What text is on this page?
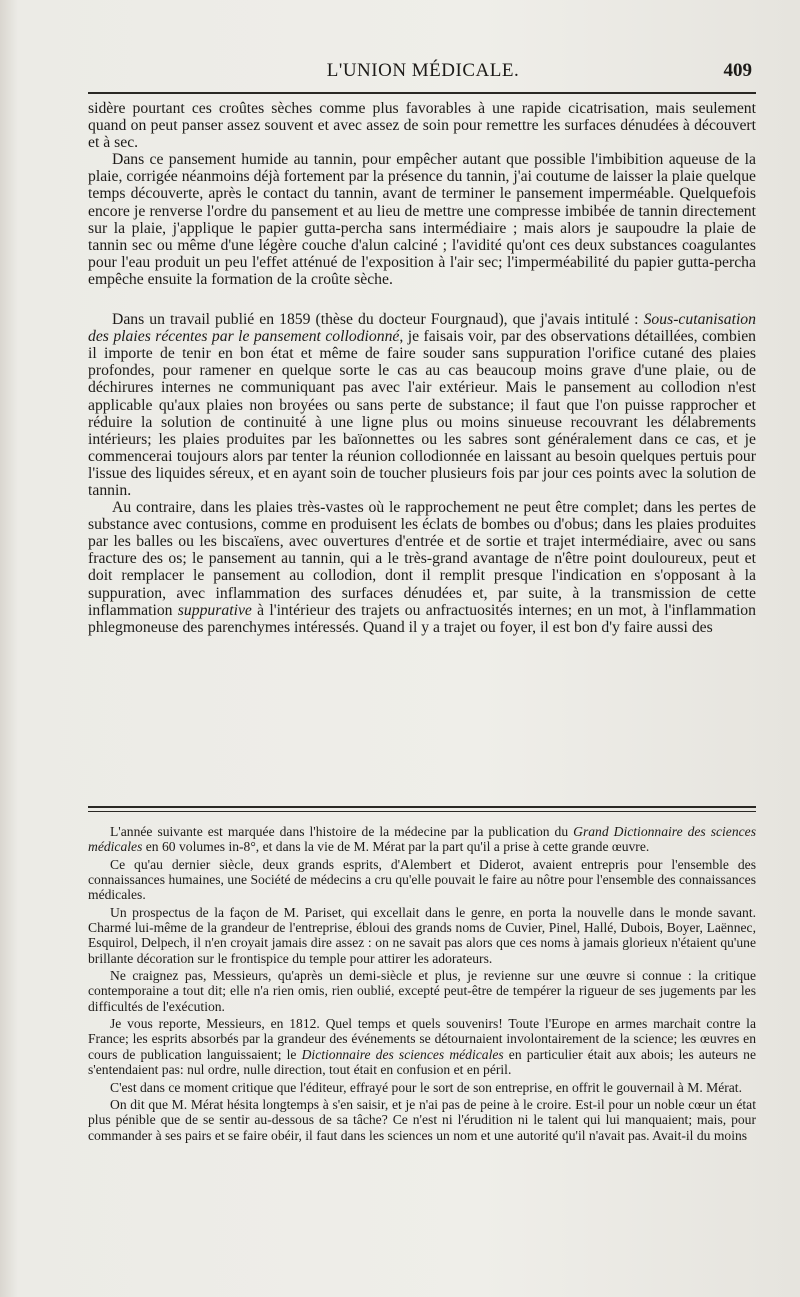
L'UNION MÉDICALE.	409

sidère pourtant ces croûtes sèches comme plus favorables à une rapide cicatrisation, mais seulement quand on peut panser assez souvent et avec assez de soin pour remettre les surfaces dénudées à découvert et à sec.

Dans ce pansement humide au tannin, pour empêcher autant que possible l'imbibition aqueuse de la plaie, corrigée néanmoins déjà fortement par la présence du tannin, j'ai coutume de laisser la plaie quelque temps découverte, après le contact du tannin, avant de terminer le pansement imperméable. Quelquefois encore je renverse l'ordre du pansement et au lieu de mettre une compresse imbibée de tannin directement sur la plaie, j'applique le papier gutta-percha sans intermédiaire ; mais alors je saupoudre la plaie de tannin sec ou même d'une légère couche d'alun calciné ; l'avidité qu'ont ces deux substances coagulantes pour l'eau produit un peu l'effet atténué de l'exposition à l'air sec; l'imperméabilité du papier gutta-percha empêche ensuite la formation de la croûte sèche.

Dans un travail publié en 1859 (thèse du docteur Fourgnaud), que j'avais intitulé : Sous-cutanisation des plaies récentes par le pansement collodionné, je faisais voir, par des observations détaillées, combien il importe de tenir en bon état et même de faire souder sans suppuration l'orifice cutané des plaies profondes, pour ramener en quelque sorte le cas au cas beaucoup moins grave d'une plaie, ou de déchirures internes ne communiquant pas avec l'air extérieur. Mais le pansement au collodion n'est applicable qu'aux plaies non broyées ou sans perte de substance; il faut que l'on puisse rapprocher et réduire la solution de continuité à une ligne plus ou moins sinueuse recouvrant les délabrements intérieurs; les plaies produites par les baïonnettes ou les sabres sont généralement dans ce cas, et je commencerai toujours alors par tenter la réunion collodionnée en laissant au besoin quelques pertuis pour l'issue des liquides séreux, et en ayant soin de toucher plusieurs fois par jour ces points avec la solution de tannin.

Au contraire, dans les plaies très-vastes où le rapprochement ne peut être complet; dans les pertes de substance avec contusions, comme en produisent les éclats de bombes ou d'obus; dans les plaies produites par les balles ou les biscaïens, avec ouvertures d'entrée et de sortie et trajet intermédiaire, avec ou sans fracture des os; le pansement au tannin, qui a le très-grand avantage de n'être point douloureux, peut et doit remplacer le pansement au collodion, dont il remplit presque l'indication en s'opposant à la suppuration, avec inflammation des surfaces dénudées et, par suite, à la transmission de cette inflammation suppurative à l'intérieur des trajets ou anfractuosités internes; en un mot, à l'inflammation phlegmoneuse des parenchymes intéressés. Quand il y a trajet ou foyer, il est bon d'y faire aussi des

L'année suivante est marquée dans l'histoire de la médecine par la publication du Grand Dictionnaire des sciences médicales en 60 volumes in-8°, et dans la vie de M. Mérat par la part qu'il a prise à cette grande œuvre.

Ce qu'au dernier siècle, deux grands esprits, d'Alembert et Diderot, avaient entrepris pour l'ensemble des connaissances humaines, une Société de médecins a cru qu'elle pouvait le faire au nôtre pour l'ensemble des connaissances médicales.

Un prospectus de la façon de M. Pariset, qui excellait dans le genre, en porta la nouvelle dans le monde savant. Charmé lui-même de la grandeur de l'entreprise, ébloui des grands noms de Cuvier, Pinel, Hallé, Dubois, Boyer, Laënnec, Esquirol, Delpech, il n'en croyait jamais dire assez : on ne savait pas alors que ces noms à jamais glorieux n'étaient qu'une brillante décoration sur le frontispice du temple pour attirer les adorateurs.

Ne craignez pas, Messieurs, qu'après un demi-siècle et plus, je revienne sur une œuvre si connue : la critique contemporaine a tout dit; elle n'a rien omis, rien oublié, excepté peut-être de tempérer la rigueur de ses jugements par les difficultés de l'exécution.

Je vous reporte, Messieurs, en 1812. Quel temps et quels souvenirs! Toute l'Europe en armes marchait contre la France; les esprits absorbés par la grandeur des événements se détournaient involontairement de la science; les œuvres en cours de publication languissaient; le Dictionnaire des sciences médicales en particulier était aux abois; les auteurs ne s'entendaient pas: nul ordre, nulle direction, tout était en confusion et en péril.

C'est dans ce moment critique que l'éditeur, effrayé pour le sort de son entreprise, en offrit le gouvernail à M. Mérat.

On dit que M. Mérat hésita longtemps à s'en saisir, et je n'ai pas de peine à le croire. Est-il pour un noble cœur un état plus pénible que de se sentir au-dessous de sa tâche? Ce n'est ni l'érudition ni le talent qui lui manquaient; mais, pour commander à ses pairs et se faire obéir, il faut dans les sciences un nom et une autorité qu'il n'avait pas. Avait-il du moins
